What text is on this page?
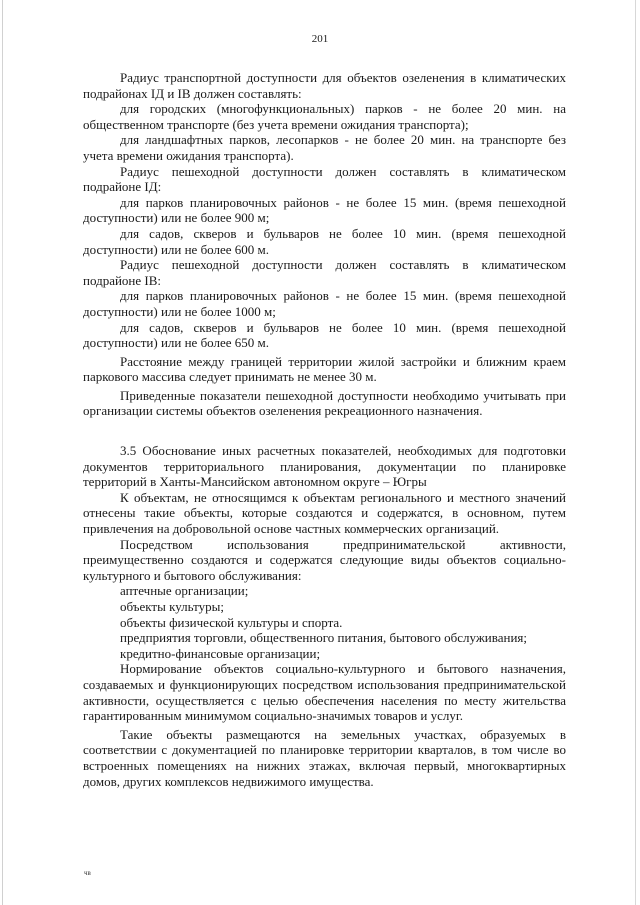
201

Радиус транспортной доступности для объектов озеленения в климатических подрайонах IД и IВ должен составлять:

для городских (многофункциональных) парков - не более 20 мин. на общественном транспорте (без учета времени ожидания транспорта);

для ландшафтных парков, лесопарков - не более 20 мин. на транспорте без учета времени ожидания транспорта).

Радиус пешеходной доступности должен составлять в климатическом подрайоне IД:

для парков планировочных районов - не более 15 мин. (время пешеходной доступности) или не более 900 м;

для садов, скверов и бульваров не более 10 мин. (время пешеходной доступности) или не более 600 м.

Радиус пешеходной доступности должен составлять в климатическом подрайоне IВ:

для парков планировочных районов - не более 15 мин. (время пешеходной доступности) или не более 1000 м;

для садов, скверов и бульваров не более 10 мин. (время пешеходной доступности) или не более 650 м.

Расстояние между границей территории жилой застройки и ближним краем паркового массива следует принимать не менее 30 м.

Приведенные показатели пешеходной доступности необходимо учитывать при организации системы объектов озеленения рекреационного назначения.

3.5 Обоснование иных расчетных показателей, необходимых для подготовки документов территориального планирования, документации по планировке территорий в Ханты-Мансийском автономном округе – Югры

К объектам, не относящимся к объектам регионального и местного значений отнесены такие объекты, которые создаются и содержатся, в основном, путем привлечения на добровольной основе частных коммерческих организаций.

Посредством использования предпринимательской активности, преимущественно создаются и содержатся следующие виды объектов социально-культурного и бытового обслуживания:

аптечные организации;

объекты культуры;

объекты физической культуры и спорта.

предприятия торговли, общественного питания, бытового обслуживания;

кредитно-финансовые организации;

Нормирование объектов социально-культурного и бытового назначения, создаваемых и функционирующих посредством использования предпринимательской активности, осуществляется с целью обеспечения населения по месту жительства гарантированным минимумом социально-значимых товаров и услуг.

Такие объекты размещаются на земельных участках, образуемых в соответствии с документацией по планировке территории кварталов, в том числе во встроенных помещениях на нижних этажах, включая первый, многоквартирных домов, других комплексов недвижимого имущества.

чв
